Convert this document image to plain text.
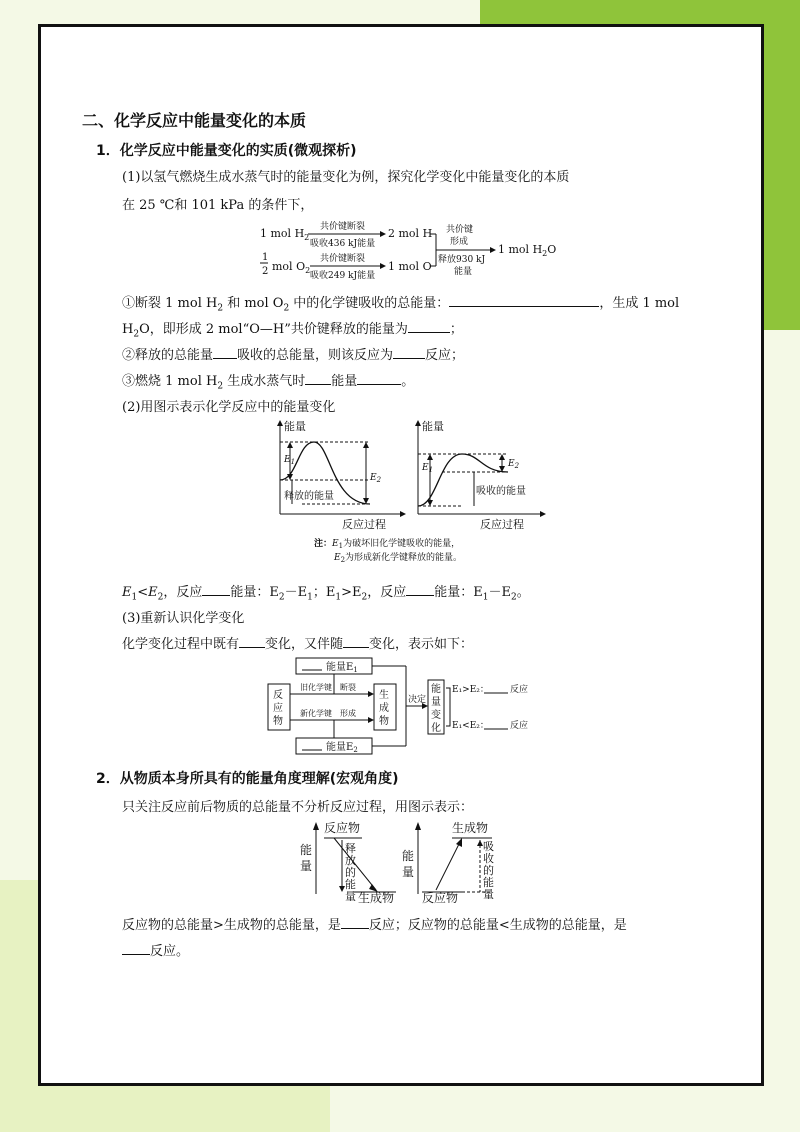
二、化学反应中能量变化的本质
1．化学反应中能量变化的实质(微观探析)
(1)以氢气燃烧生成水蒸气时的能量变化为例，探究化学变化中能量变化的本质
在 25 ℃和 101 kPa 的条件下，
1 mol $H_2$
共价键断裂
吸收436 kJ能量
2 mol H
1
2 mol $O_2$
共价键断裂
吸收249 kJ能量
1 mol O
共价键
形成
释放930 kJ
能量
1 mol $H_2O$
①断裂 1 mol $H_2$ 和 mol $O_2$ 中的化学键吸收的总能量：	，生成 1 mol
$H_2O$，即形成 2 mol“O—H”共价键释放的能量为	；
②释放的总能量 吸收的总能量，则该反应为 反应；
③燃烧 1 mol $H_2$ 生成水蒸气时 能量	。
(2)用图示表示化学反应中的能量变化
能量
$E_1$
$E_2$
释放的能量
反应过程
能量
$E_1$
$E_2$
吸收的能量
反应过程
注：$E_1$为破坏旧化学键吸收的能量，
$E_2$为形成新化学键释放的能量。
$E_1<E_2$，反应 能量：$E_2-E_1$；$E_1>E_2$，反应 能量：$E_1-E_2$。
(3)重新认识化学变化
化学变化过程中既有 变化，又伴随 变化，表示如下：
能量$E_1$
能量$E_2$
反
应
物
生
成
物
旧化学键 断裂
新化学键 形成
决定
能
量
变
化
E₁>E₂： 反应
E₁<E₂： 反应
2．从物质本身所具有的能量角度理解(宏观角度)
只关注反应前后物质的总能量不分析反应过程，用图示表示：
能
量
反应物
生成物
释
放
的
能
量
能
量
生成物
反应物
吸
收
的
能
量
反应物的总能量>生成物的总能量，是 反应；反应物的总能量<生成物的总能量，是
反应。
